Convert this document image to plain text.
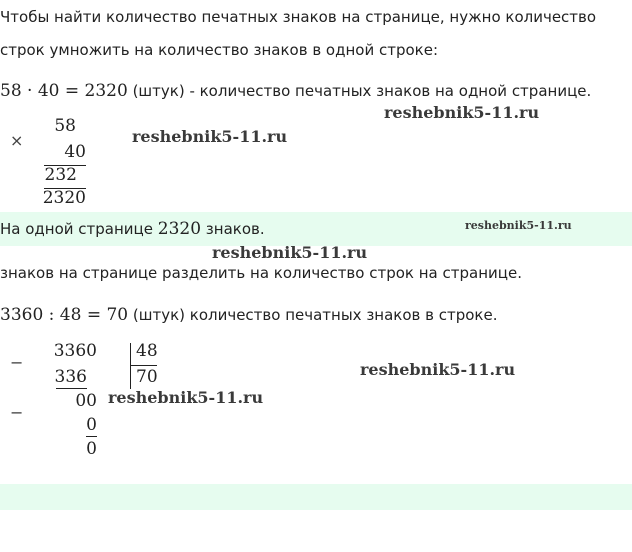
Чтобы найти количество печатных знаков на странице, нужно количество
строк умножить на количество знаков в одной строке:
58 · 40 = 2320 (штук) - количество печатных знаков на одной странице.
×
58
40
232
2320
На одной странице 2320 знаков.
знаков на странице разделить на количество строк на странице.
3360 : 48 = 70 (штук) количество печатных знаков в строке.
−
−
3360
336
00
0
0
48
70
reshebnik5-11.ru
reshebnik5-11.ru
reshebnik5-11.ru
reshebnik5-11.ru
reshebnik5-11.ru
reshebnik5-11.ru
